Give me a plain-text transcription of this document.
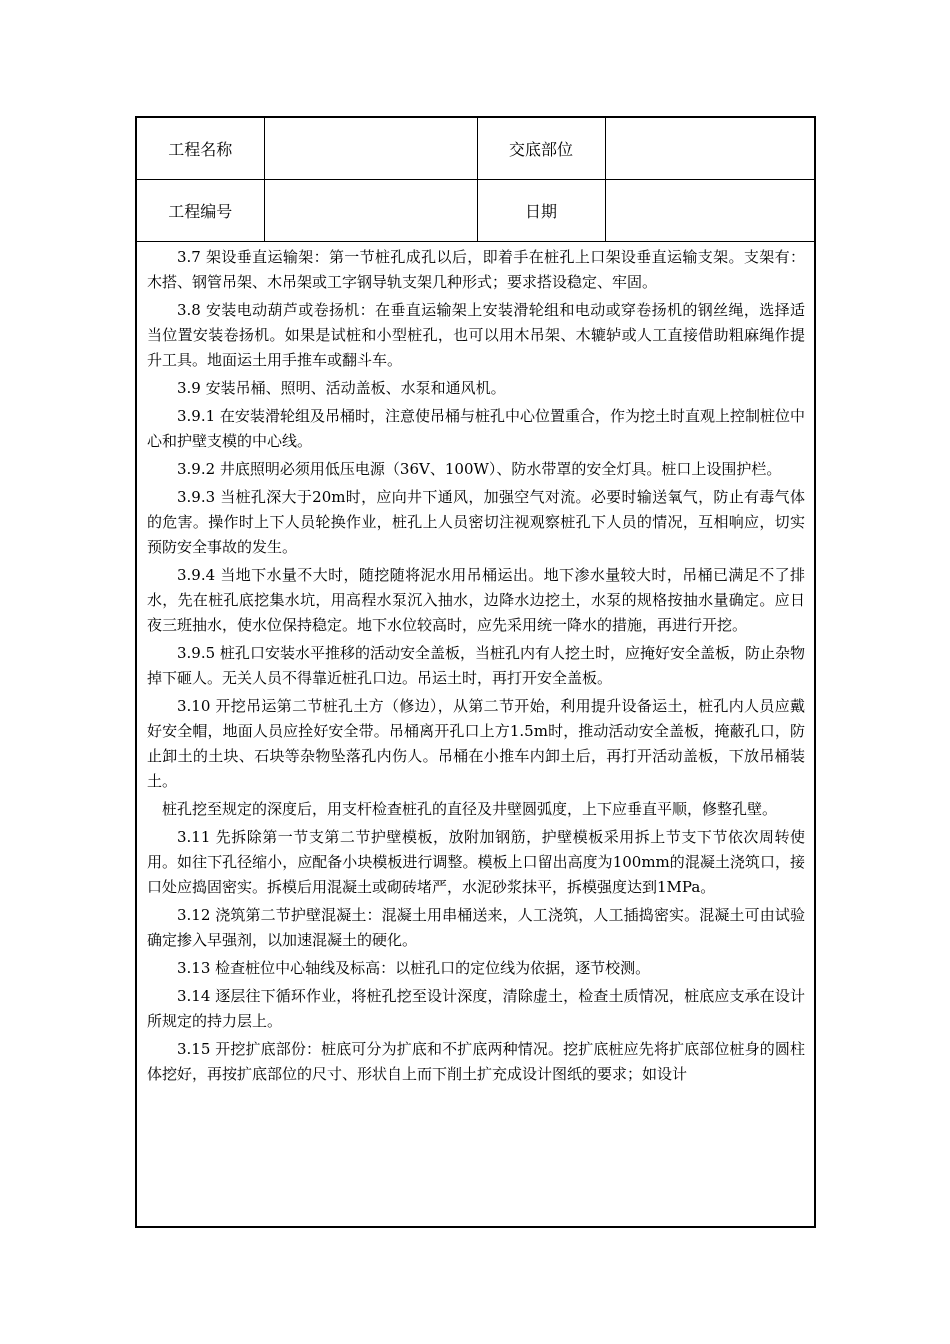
工程名称		交底部位	
工程编号		日期	

3.7 架设垂直运输架：第一节桩孔成孔以后，即着手在桩孔上口架设垂直运输支架。支架有：木搭、钢管吊架、木吊架或工字钢导轨支架几种形式；要求搭设稳定、牢固。

3.8 安装电动葫芦或卷扬机：在垂直运输架上安装滑轮组和电动或穿卷扬机的钢丝绳，选择适当位置安装卷扬机。如果是试桩和小型桩孔，也可以用木吊架、木辘轳或人工直接借助粗麻绳作提升工具。地面运土用手推车或翻斗车。

3.9 安装吊桶、照明、活动盖板、水泵和通风机。

3.9.1 在安装滑轮组及吊桶时，注意使吊桶与桩孔中心位置重合，作为挖土时直观上控制桩位中心和护壁支模的中心线。

3.9.2 井底照明必须用低压电源（36V、100W）、防水带罩的安全灯具。桩口上设围护栏。

3.9.3 当桩孔深大于20m时，应向井下通风，加强空气对流。必要时输送氧气，防止有毒气体的危害。操作时上下人员轮换作业，桩孔上人员密切注视观察桩孔下人员的情况，互相响应，切实预防安全事故的发生。

3.9.4 当地下水量不大时，随挖随将泥水用吊桶运出。地下渗水量较大时，吊桶已满足不了排水，先在桩孔底挖集水坑，用高程水泵沉入抽水，边降水边挖土，水泵的规格按抽水量确定。应日夜三班抽水，使水位保持稳定。地下水位较高时，应先采用统一降水的措施，再进行开挖。

3.9.5 桩孔口安装水平推移的活动安全盖板，当桩孔内有人挖土时，应掩好安全盖板，防止杂物掉下砸人。无关人员不得靠近桩孔口边。吊运土时，再打开安全盖板。

3.10 开挖吊运第二节桩孔土方（修边），从第二节开始，利用提升设备运土，桩孔内人员应戴好安全帽，地面人员应拴好安全带。吊桶离开孔口上方1.5m时，推动活动安全盖板，掩蔽孔口，防止卸土的土块、石块等杂物坠落孔内伤人。吊桶在小推车内卸土后，再打开活动盖板，下放吊桶装土。

桩孔挖至规定的深度后，用支杆检查桩孔的直径及井壁圆弧度，上下应垂直平顺，修整孔壁。

3.11 先拆除第一节支第二节护壁模板，放附加钢筋，护壁模板采用拆上节支下节依次周转使用。如往下孔径缩小，应配备小块模板进行调整。模板上口留出高度为100mm的混凝土浇筑口，接口处应捣固密实。拆模后用混凝土或砌砖堵严，水泥砂浆抹平，拆模强度达到1MPa。

3.12 浇筑第二节护壁混凝土：混凝土用串桶送来，人工浇筑，人工插捣密实。混凝土可由试验确定掺入早强剂，以加速混凝土的硬化。

3.13 检查桩位中心轴线及标高：以桩孔口的定位线为依据，逐节校测。

3.14 逐层往下循环作业，将桩孔挖至设计深度，清除虚土，检查土质情况，桩底应支承在设计所规定的持力层上。

3.15 开挖扩底部份：桩底可分为扩底和不扩底两种情况。挖扩底桩应先将扩底部位桩身的圆柱体挖好，再按扩底部位的尺寸、形状自上而下削土扩充成设计图纸的要求；如设计
